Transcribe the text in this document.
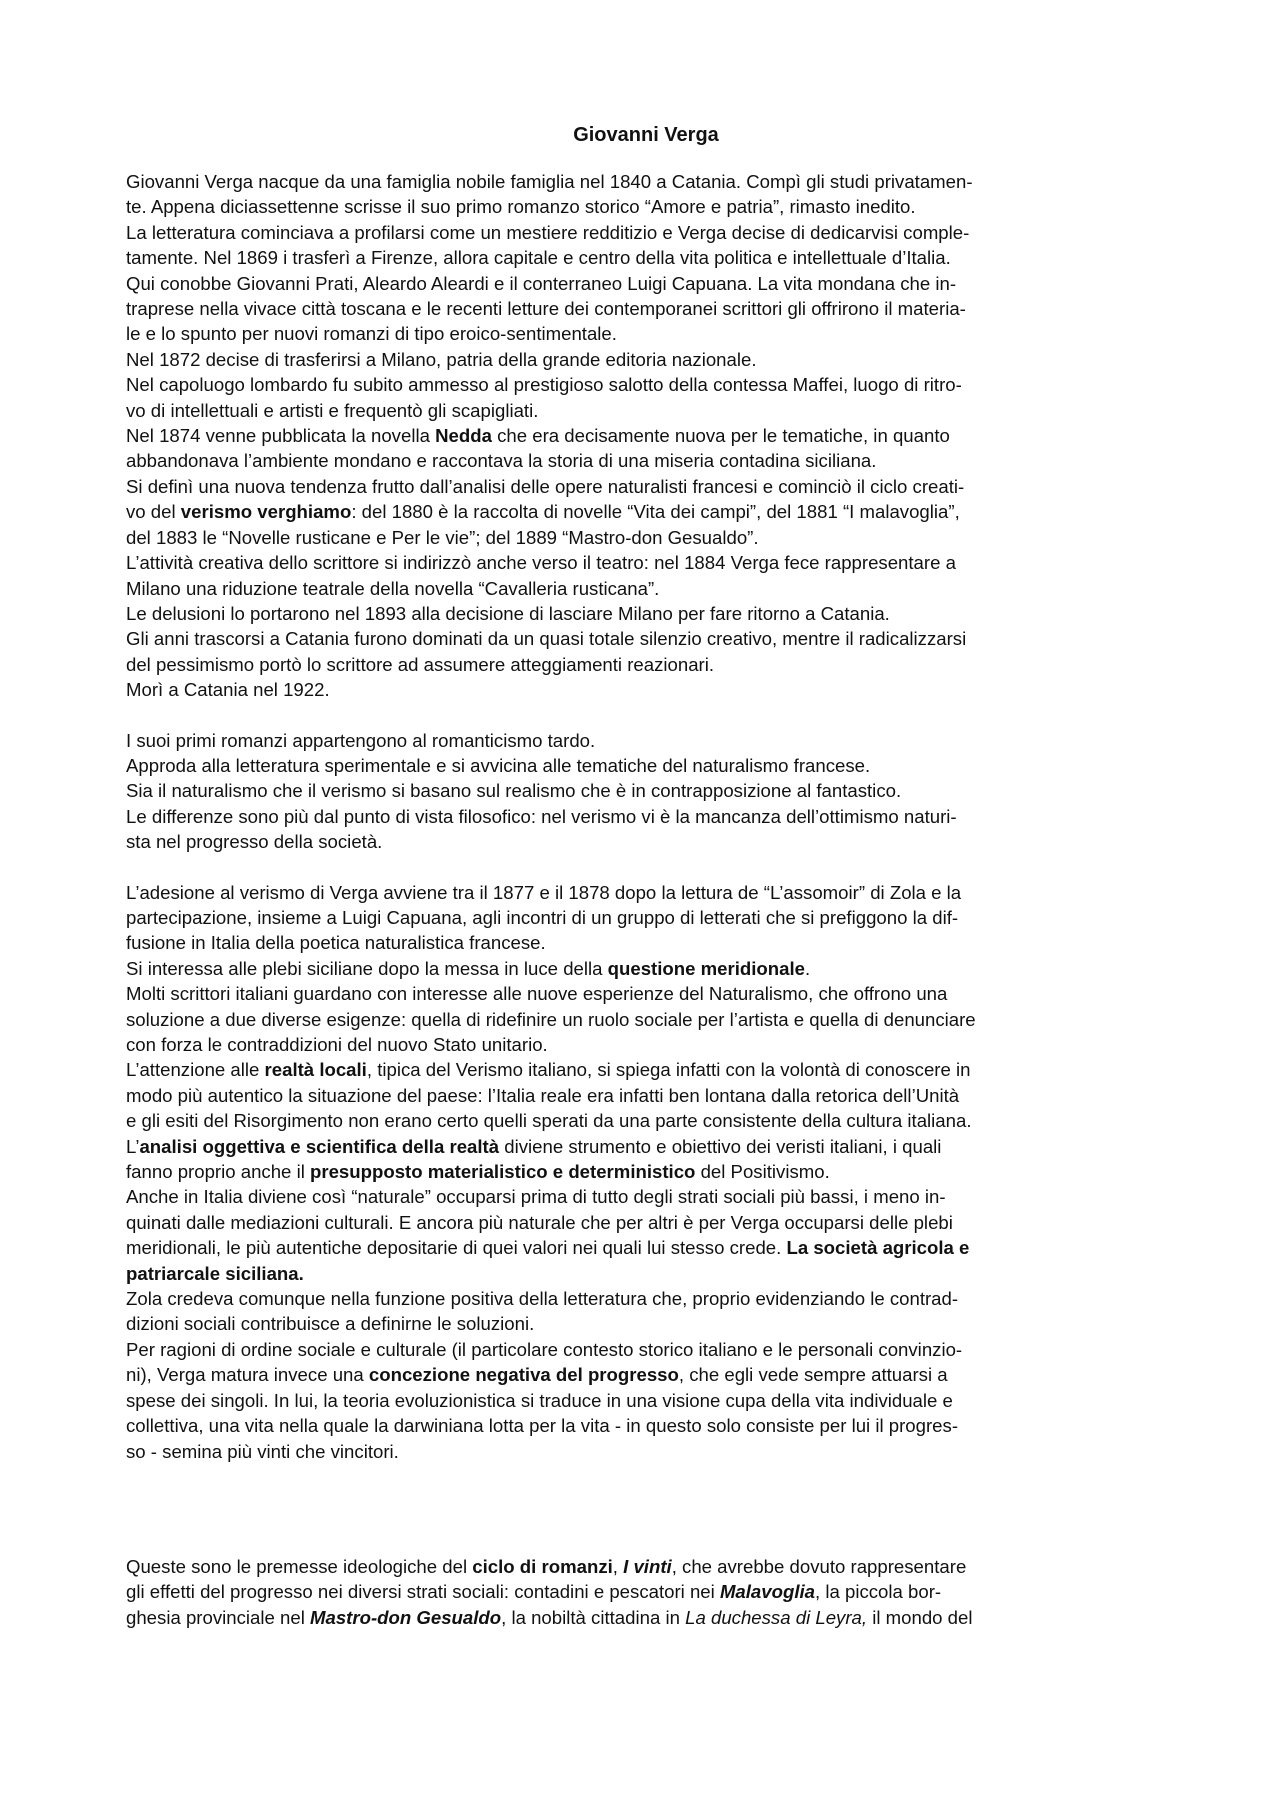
Giovanni Verga
Giovanni Verga nacque da una famiglia nobile famiglia nel 1840 a Catania. Compì gli studi privatamen-
te. Appena diciassettenne scrisse il suo primo romanzo storico “Amore e patria”, rimasto inedito.
La letteratura cominciava a profilarsi come un mestiere redditizio e Verga decise di dedicarvisi comple-
tamente. Nel 1869 i trasferì a Firenze, allora capitale e centro della vita politica e intellettuale d’Italia.
Qui conobbe Giovanni Prati, Aleardo Aleardi e il conterraneo Luigi Capuana. La vita mondana che in-
traprese nella vivace città toscana e le recenti letture dei contemporanei scrittori gli offrirono il materia-
le e lo spunto per nuovi romanzi di tipo eroico-sentimentale.
Nel 1872 decise di trasferirsi a Milano, patria della grande editoria nazionale.
Nel capoluogo lombardo fu subito ammesso al prestigioso salotto della contessa Maffei, luogo di ritro-
vo di intellettuali e artisti e frequentò gli scapigliati.
Nel 1874 venne pubblicata la novella Nedda che era decisamente nuova per le tematiche, in quanto
abbandonava l’ambiente mondano e raccontava la storia di una miseria contadina siciliana.
Si definì una nuova tendenza frutto dall’analisi delle opere naturalisti francesi e cominciò il ciclo creati-
vo del verismo verghiamo: del 1880 è la raccolta di novelle “Vita dei campi”, del 1881 “I malavoglia”,
del 1883 le “Novelle rusticane e Per le vie”; del 1889 “Mastro-don Gesualdo”.
L’attività creativa dello scrittore si indirizzò anche verso il teatro: nel 1884 Verga fece rappresentare a
Milano una riduzione teatrale della novella “Cavalleria rusticana”.
Le delusioni lo portarono nel 1893 alla decisione di lasciare Milano per fare ritorno a Catania.
Gli anni trascorsi a Catania furono dominati da un quasi totale silenzio creativo, mentre il radicalizzarsi
del pessimismo portò lo scrittore ad assumere atteggiamenti reazionari.
Morì a Catania nel 1922.
I suoi primi romanzi appartengono al romanticismo tardo.
Approda alla letteratura sperimentale e si avvicina alle tematiche del naturalismo francese.
Sia il naturalismo che il verismo si basano sul realismo che è in contrapposizione al fantastico.
Le differenze sono più dal punto di vista filosofico: nel verismo vi è la mancanza dell’ottimismo naturi-
sta nel progresso della società.
L’adesione al verismo di Verga avviene tra il 1877 e il 1878 dopo la lettura de “L’assomoir” di Zola e la
partecipazione, insieme a Luigi Capuana, agli incontri di un gruppo di letterati che si prefiggono la dif-
fusione in Italia della poetica naturalistica francese.
Si interessa alle plebi siciliane dopo la messa in luce della questione meridionale.
Molti scrittori italiani guardano con interesse alle nuove esperienze del Naturalismo, che offrono una
soluzione a due diverse esigenze: quella di ridefinire un ruolo sociale per l’artista e quella di denunciare
con forza le contraddizioni del nuovo Stato unitario.
L’attenzione alle realtà locali, tipica del Verismo italiano, si spiega infatti con la volontà di conoscere in
modo più autentico la situazione del paese: l’Italia reale era infatti ben lontana dalla retorica dell’Unità
e gli esiti del Risorgimento non erano certo quelli sperati da una parte consistente della cultura italiana.
L’analisi oggettiva e scientifica della realtà diviene strumento e obiettivo dei veristi italiani, i quali
fanno proprio anche il presupposto materialistico e deterministico del Positivismo.
Anche in Italia diviene così “naturale” occuparsi prima di tutto degli strati sociali più bassi, i meno in-
quinati dalle mediazioni culturali. E ancora più naturale che per altri è per Verga occuparsi delle plebi
meridionali, le più autentiche depositarie di quei valori nei quali lui stesso crede. La società agricola e
patriarcale siciliana.
Zola credeva comunque nella funzione positiva della letteratura che, proprio evidenziando le contrad-
dizioni sociali contribuisce a definirne le soluzioni.
Per ragioni di ordine sociale e culturale (il particolare contesto storico italiano e le personali convinzio-
ni), Verga matura invece una concezione negativa del progresso, che egli vede sempre attuarsi a
spese dei singoli. In lui, la teoria evoluzionistica si traduce in una visione cupa della vita individuale e
collettiva, una vita nella quale la darwiniana lotta per la vita - in questo solo consiste per lui il progres-
so - semina più vinti che vincitori.
Queste sono le premesse ideologiche del ciclo di romanzi, I vinti, che avrebbe dovuto rappresentare
gli effetti del progresso nei diversi strati sociali: contadini e pescatori nei Malavoglia, la piccola bor-
ghesia provinciale nel Mastro-don Gesualdo, la nobiltà cittadina in La duchessa di Leyra, il mondo del
